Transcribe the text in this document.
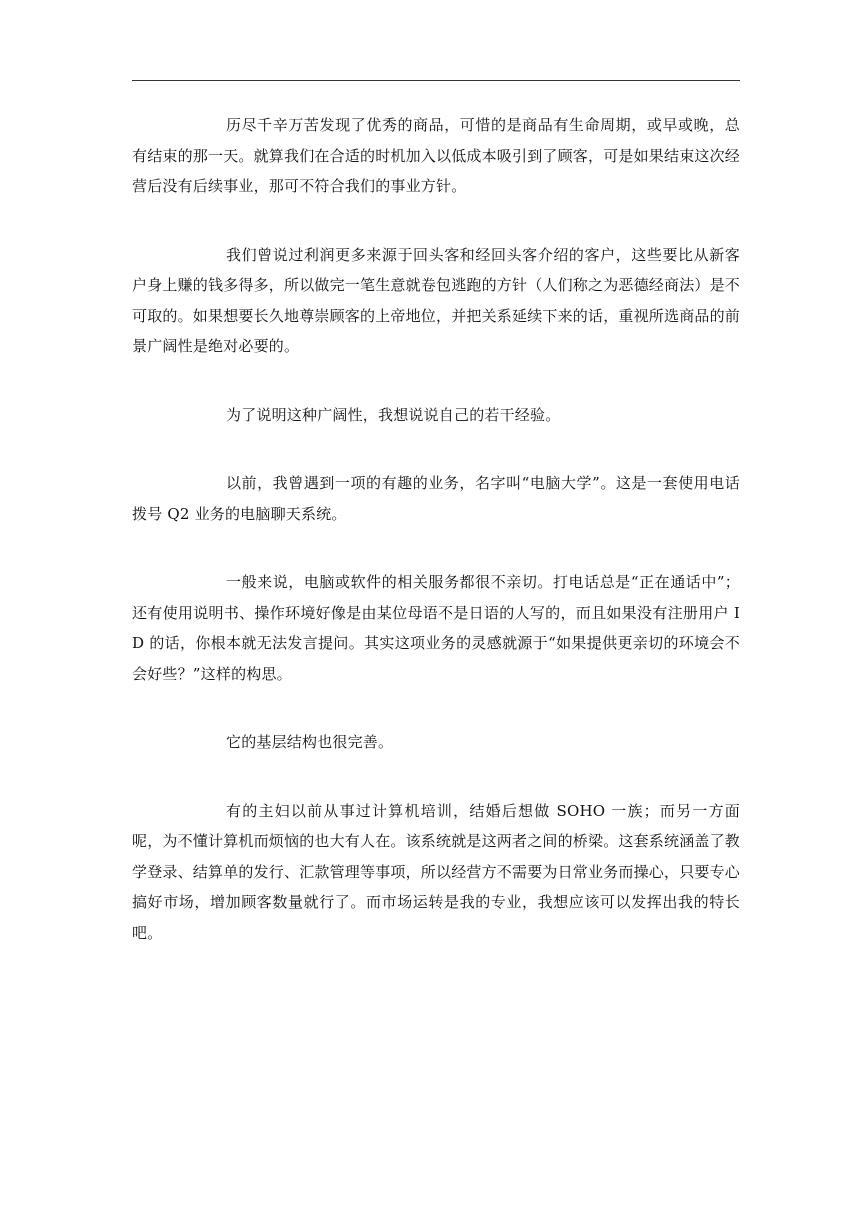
历尽千辛万苦发现了优秀的商品，可惜的是商品有生命周期，或早或晚，总有结束的那一天。就算我们在合适的时机加入以低成本吸引到了顾客，可是如果结束这次经营后没有后续事业，那可不符合我们的事业方针。

我们曾说过利润更多来源于回头客和经回头客介绍的客户，这些要比从新客户身上赚的钱多得多，所以做完一笔生意就卷包逃跑的方针（人们称之为恶德经商法）是不可取的。如果想要长久地尊崇顾客的上帝地位，并把关系延续下来的话，重视所选商品的前景广阔性是绝对必要的。

为了说明这种广阔性，我想说说自己的若干经验。

以前，我曾遇到一项的有趣的业务，名字叫“电脑大学”。这是一套使用电话拨号 Q2 业务的电脑聊天系统。

一般来说，电脑或软件的相关服务都很不亲切。打电话总是“正在通话中”；还有使用说明书、操作环境好像是由某位母语不是日语的人写的，而且如果没有注册用户 ID 的话，你根本就无法发言提问。其实这项业务的灵感就源于“如果提供更亲切的环境会不会好些？”这样的构思。

它的基层结构也很完善。

有的主妇以前从事过计算机培训，结婚后想做 SOHO 一族；而另一方面呢，为不懂计算机而烦恼的也大有人在。该系统就是这两者之间的桥梁。这套系统涵盖了教学登录、结算单的发行、汇款管理等事项，所以经营方不需要为日常业务而操心，只要专心搞好市场，增加顾客数量就行了。而市场运转是我的专业，我想应该可以发挥出我的特长吧。
